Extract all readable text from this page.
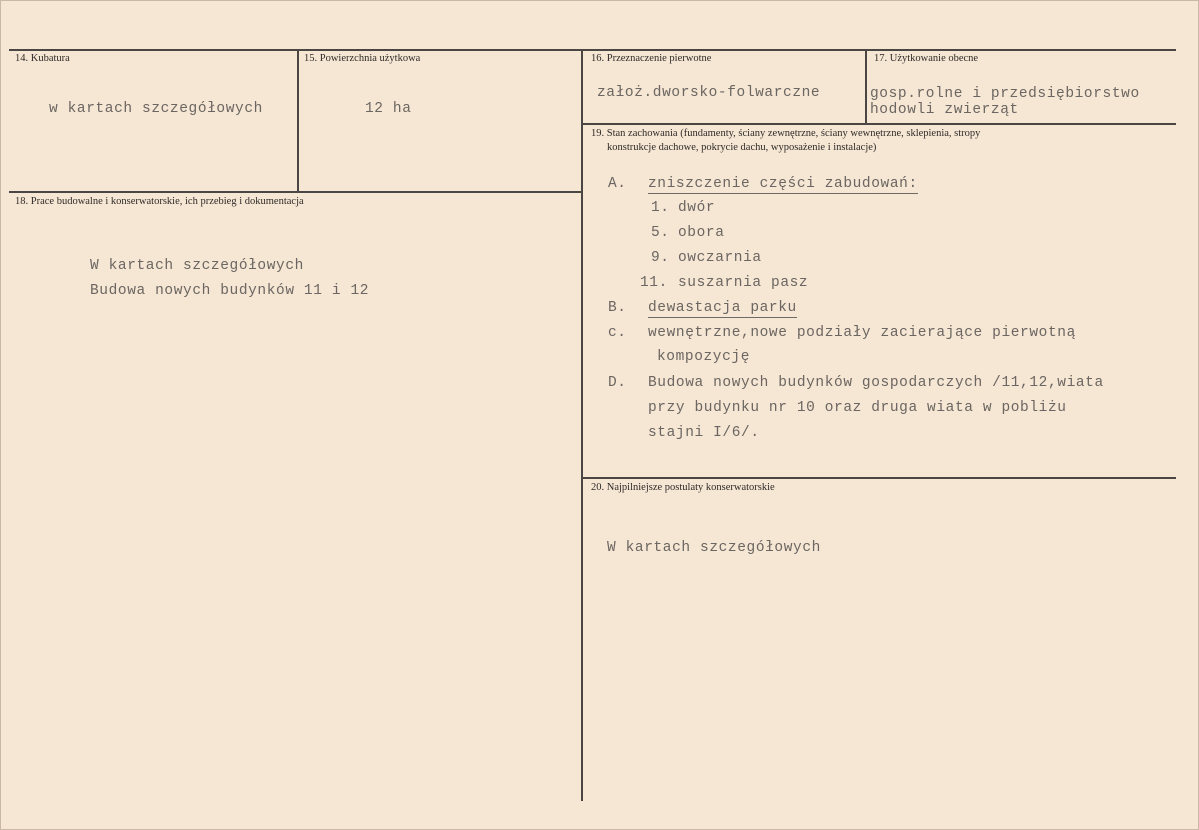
14. Kubatura
w kartach szczegółowych
15. Powierzchnia użytkowa
12 ha
16. Przeznaczenie pierwotne
założ.dworsko-folwarczne
17. Użytkowanie obecne
gosp.rolne i przedsiębiorstwo
hodowli zwierząt
18. Prace budowalne i konserwatorskie, ich przebieg i dokumentacja
W kartach szczegółowych
Budowa nowych budynków 11 i 12
19. Stan zachowania (fundamenty, ściany zewnętrzne, ściany wewnętrzne, sklepienia, stropy
konstrukcje dachowe, pokrycie dachu, wyposażenie i instalacje)
A. zniszczenie części zabudowań:
1. dwór
5. obora
9. owczarnia
11. suszarnia pasz
B. dewastacja parku
c. wewnętrzne,nowe podziały zacierające pierwotną
kompozycję
D. Budowa nowych budynków gospodarczych /11,12,wiata
przy budynku nr 10 oraz druga wiata w pobliżu
stajni I/6/.
20. Najpilniejsze postulaty konserwatorskie
W kartach szczegółowych
